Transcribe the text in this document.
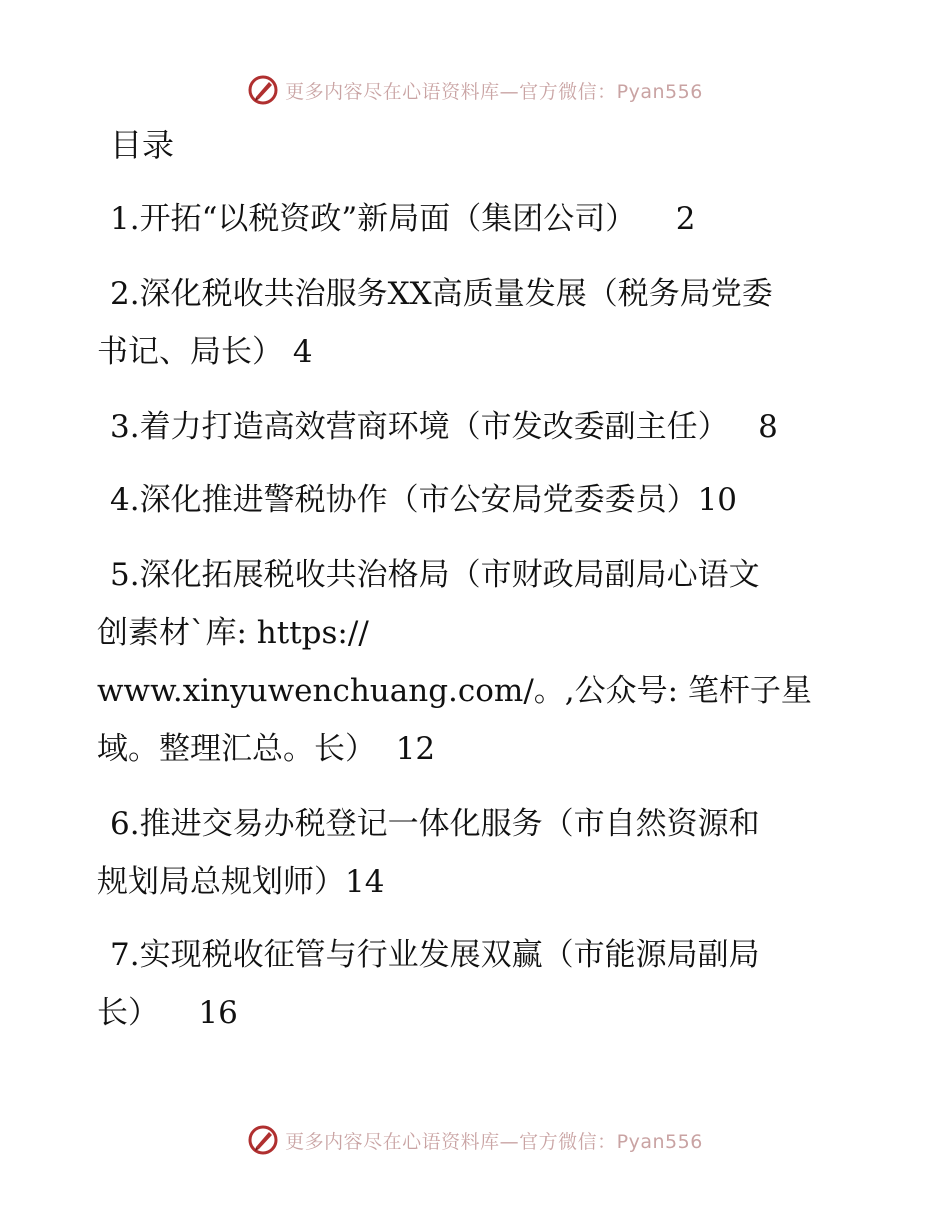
更多内容尽在心语资料库—官方微信：Pyan556
目录
1.开拓“以税资政”新局面（集团公司）    2
2.深化税收共治服务XX高质量发展（税务局党委
书记、局长） 4
3.着力打造高效营商环境（市发改委副主任）   8
4.深化推进警税协作（市公安局党委委员）10
5.深化拓展税收共治格局（市财政局副局心语文
创素材`库: https://
www.xinyuwenchuang.com/。,公众号: 笔杆子星
域。整理汇总。长）  12
6.推进交易办税登记一体化服务（市自然资源和
规划局总规划师）14
7.实现税收征管与行业发展双赢（市能源局副局
长）    16
更多内容尽在心语资料库—官方微信：Pyan556
